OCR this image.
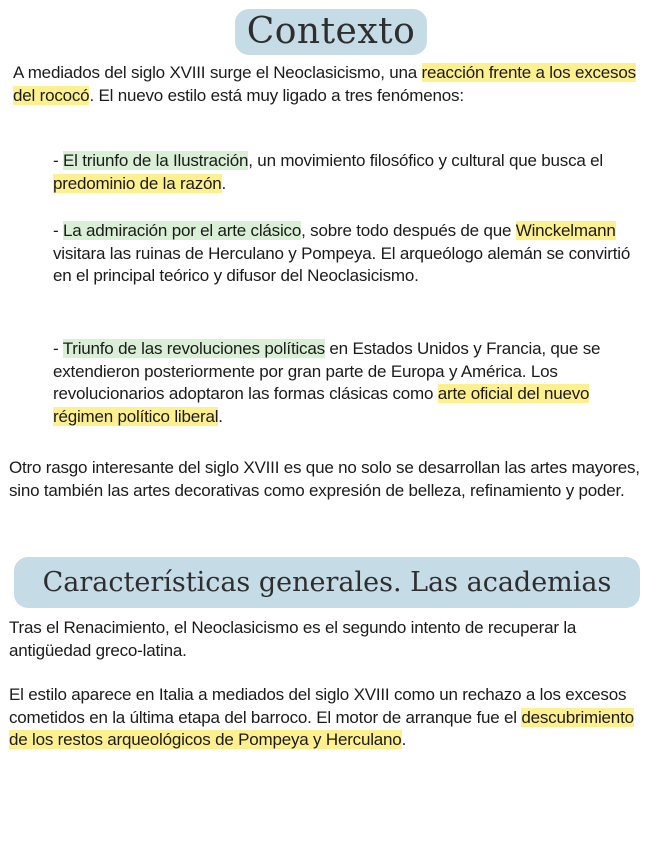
Contexto

A mediados del siglo XVIII surge el Neoclasicismo, una reacción frente a los excesos del rococó. El nuevo estilo está muy ligado a tres fenómenos:

- El triunfo de la Ilustración, un movimiento filosófico y cultural que busca el predominio de la razón.

- La admiración por el arte clásico, sobre todo después de que Winckelmann visitara las ruinas de Herculano y Pompeya. El arqueólogo alemán se convirtió en el principal teórico y difusor del Neoclasicismo.

- Triunfo de las revoluciones políticas en Estados Unidos y Francia, que se extendieron posteriormente por gran parte de Europa y América. Los revolucionarios adoptaron las formas clásicas como arte oficial del nuevo régimen político liberal.

Otro rasgo interesante del siglo XVIII es que no solo se desarrollan las artes mayores, sino también las artes decorativas como expresión de belleza, refinamiento y poder.

Características generales. Las academias

Tras el Renacimiento, el Neoclasicismo es el segundo intento de recuperar la antigüedad greco-latina.

El estilo aparece en Italia a mediados del siglo XVIII como un rechazo a los excesos cometidos en la última etapa del barroco. El motor de arranque fue el descubrimiento de los restos arqueológicos de Pompeya y Herculano.
